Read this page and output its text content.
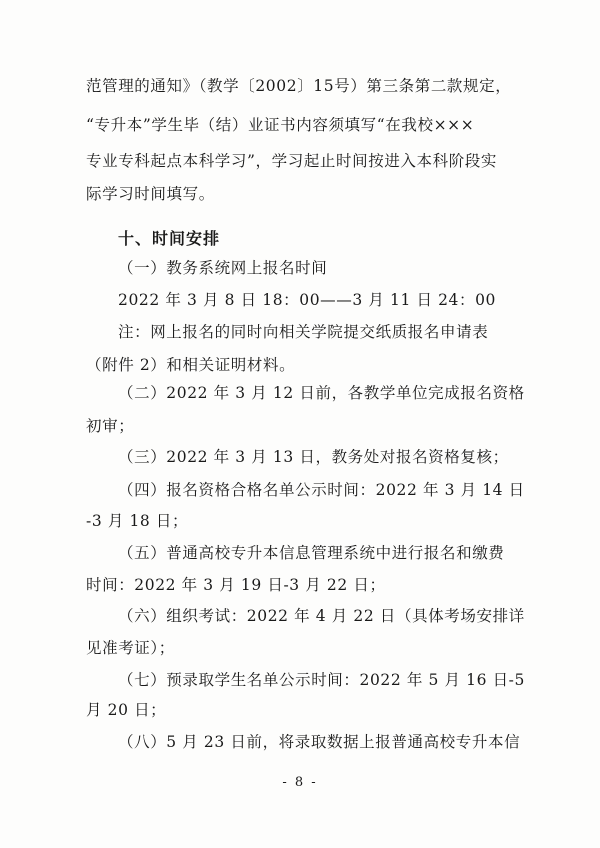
范管理的通知》（教学〔2002〕15号）第三条第二款规定，
“专升本”学生毕（结）业证书内容须填写“在我校×××
专业专科起点本科学习”，学习起止时间按进入本科阶段实
际学习时间填写。
十、时间安排
（一）教务系统网上报名时间
2022 年 3 月 8 日 18：00——3 月 11 日 24：00
注：网上报名的同时向相关学院提交纸质报名申请表
（附件 2）和相关证明材料。
（二）2022 年 3 月 12 日前，各教学单位完成报名资格
初审；
（三）2022 年 3 月 13 日，教务处对报名资格复核；
（四）报名资格合格名单公示时间：2022 年 3 月 14 日
-3 月 18 日；
（五）普通高校专升本信息管理系统中进行报名和缴费
时间：2022 年 3 月 19 日-3 月 22 日；
（六）组织考试：2022 年 4 月 22 日（具体考场安排详
见准考证）；
（七）预录取学生名单公示时间：2022 年 5 月 16 日-5
月 20 日；
（八）5 月 23 日前，将录取数据上报普通高校专升本信
- 8 -
